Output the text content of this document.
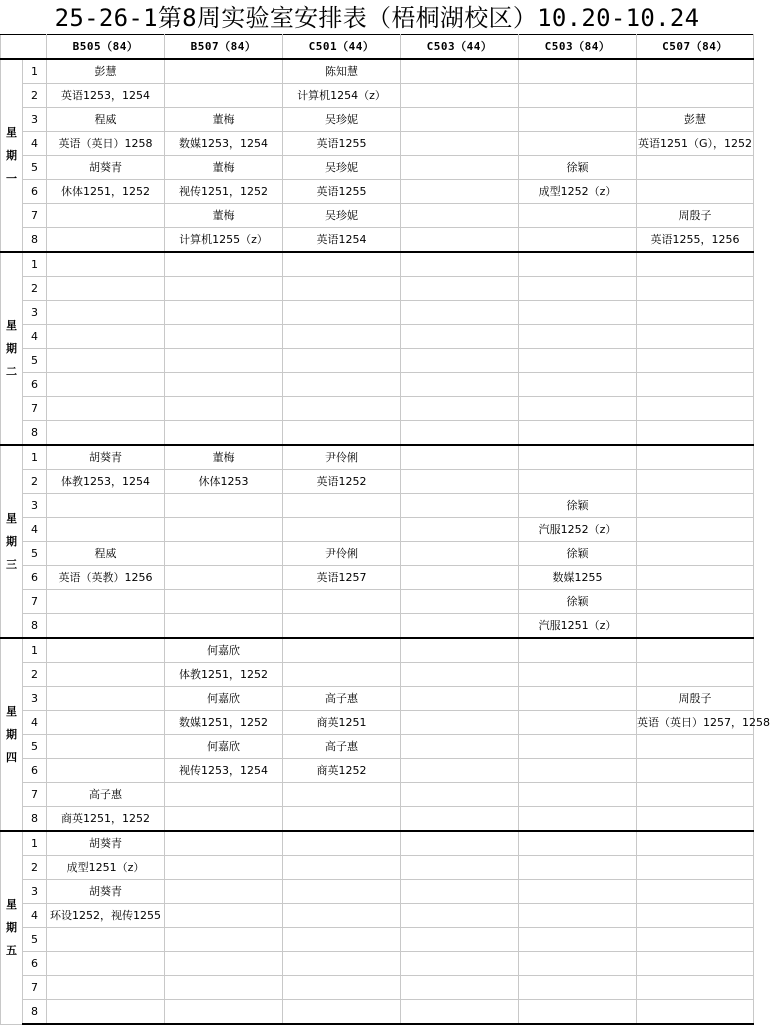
25-26-1第8周实验室安排表（梧桐湖校区）10.20-10.24
		B505（84）	B507（84）	C501（44）	C503（44）	C503（84）	C507（84）

星
期
一	1	彭慧		陈知慧			
	2	英语1253，1254		计算机1254（z）			
	3	程威	董梅	吴珍妮			彭慧
	4	英语（英日）1258	数媒1253，1254	英语1255			英语1251（G），1252
	5	胡葵青	董梅	吴珍妮		徐颖	
	6	休体1251，1252	视传1251，1252	英语1255		成型1252（z）	
	7		董梅	吴珍妮			周殷子
	8		计算机1255（z）	英语1254			英语1255，1256

星
期
二	1						
	2						
	3						
	4						
	5						
	6						
	7						
	8						

星
期
三	1	胡葵青	董梅	尹伶俐			
	2	体教1253，1254	休体1253	英语1252			
	3					徐颖	
	4					汽服1252（z）	
	5	程威		尹伶俐		徐颖	
	6	英语（英教）1256		英语1257		数媒1255	
	7					徐颖	
	8					汽服1251（z）	

星
期
四	1		何嘉欣				
	2		体教1251，1252				
	3		何嘉欣	高子惠			周殷子
	4		数媒1251，1252	商英1251			英语（英日）1257，1258
	5		何嘉欣	高子惠			
	6		视传1253，1254	商英1252			
	7	高子惠					
	8	商英1251，1252					

星
期
五	1	胡葵青					
	2	成型1251（z）					
	3	胡葵青					
	4	环设1252，视传1255					
	5						
	6						
	7						
	8						
